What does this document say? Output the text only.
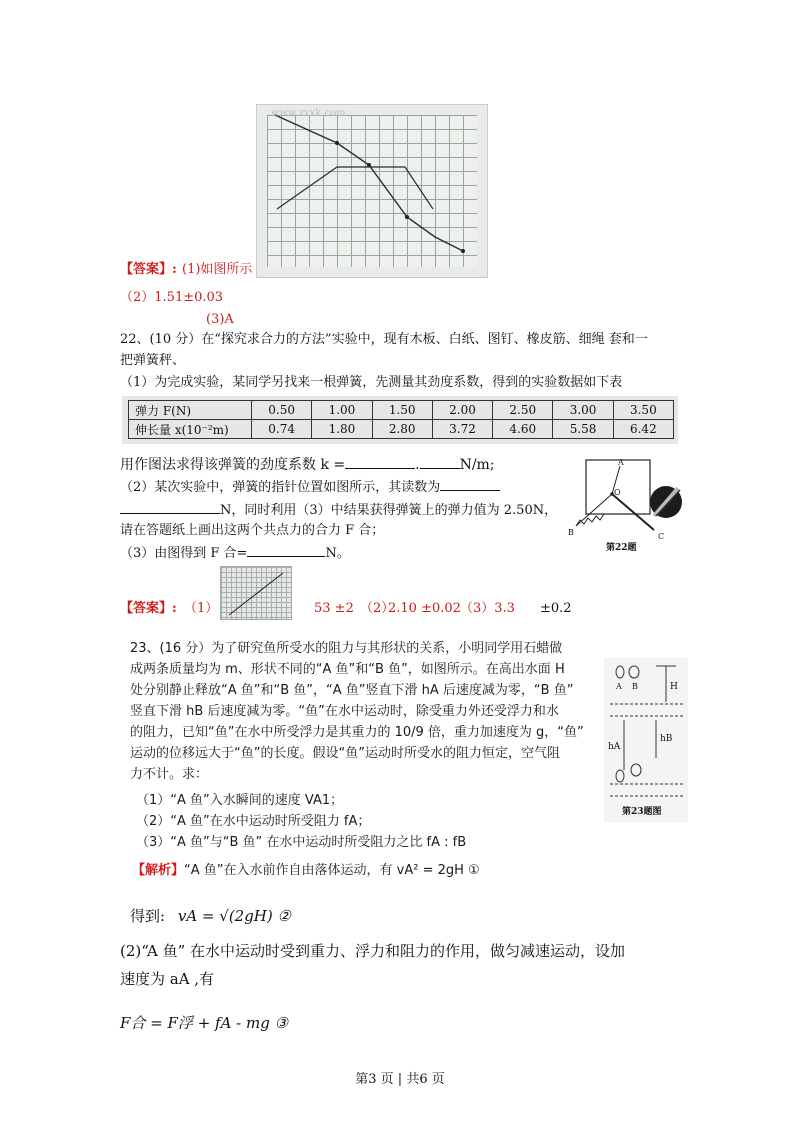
www.zxxk.com
【答案】: (1)如图所示
（2）1.51±0.03
(3)A
22、(10 分）在“探究求合力的方法”实验中，现有木板、白纸、图钉、橡皮筋、细绳 套和一
把弹簧秤、
（1）为完成实验，某同学另找来一根弹簧，先测量其劲度系数，得到的实验数据如下表
弹力 F(N)	0.50	1.00	1.50	2.00	2.50	3.00	3.50
伸长量 x(10⁻²m)	0.74	1.80	2.80	3.72	4.60	5.58	6.42
用作图法求得该弹簧的劲度系数 k =	.	N/m;
（2）某次实验中，弹簧的指针位置如图所示，其读数为
N，同时利用（3）中结果获得弹簧上的弹力值为 2.50N，
请在答题纸上画出这两个共点力的合力 F 合；
（3）由图得到 F 合=	N。
A
O
B	C
第22题
【答案】: （1）	53 ±2 （2）
2.10 ±0.02 （3）3.3 ±0.2
23、(16 分）为了研究鱼所受水的阻力与其形状的关系，小明同学用石蜡做
成两条质量均为 m、形状不同的“A 鱼”和“B 鱼”，如图所示。在高出水面 H
处分别静止释放“A 鱼”和“B 鱼”，“A 鱼”竖直下滑 hA 后速度减为零，“B 鱼”
竖直下滑 hB 后速度减为零。“鱼”在水中运动时，除受重力外还受浮力和水
的阻力，已知“鱼”在水中所受浮力是其重力的 10/9 倍，重力加速度为 g，“鱼”
运动的位移远大于“鱼”的长度。假设“鱼”运动时所受水的阻力恒定，空气阻
力不计。求：
（1）“A 鱼”入水瞬间的速度 VA1；
（2）“A 鱼”在水中运动时所受阻力 fA；
（3）“A 鱼”与“B 鱼” 在水中运动时所受阻力之比 fA : fB
A B	H
hB
hA
第23题图
【解析】“A 鱼”在入水前作自由落体运动，有 vA² = 2gH ①
得到: vA = √(2gH) ②
(2)“A 鱼” 在水中运动时受到重力、浮力和阻力的作用，做匀减速运动，设加
速度为 aA ,有
F合 = F浮 + fA - mg ③
第3 页 | 共6 页
